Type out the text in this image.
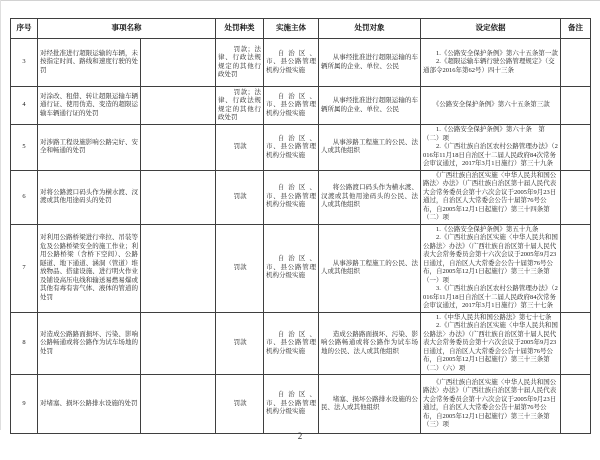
序号	事项名称		处罚种类	实施主体	处罚对象	设定依据	备注
3	对经批准进行超限运输的车辆，未按指定时间、路线和速度行驶的处罚		罚款；法律、行政法规规定的其他行政处罚	自治区、市、县公路管理机构分级实施	从事经批准进行超限运输的车辆所属的企业、单位、公民	　　1.《公路安全保护条例》第六十五条第一款
　　2.《超限运输车辆行驶公路管理规定》（交通部令2016年第62号）四十三条	
4	对涂改、租借、转让超限运输车辆通行证、使用伪造、变造的超限运输车辆通行证的处罚		罚款；法律、行政法规规定的其他行政处罚	自治区、市、县公路管理机构分级实施	从事经批准进行超限运输的车辆所属的企业、单位、公民	　　《公路安全保护条例》第六十五条第三款	
5	对涉路工程设施影响公路完好、安全和畅通的处罚		罚款	自治区、市、县公路管理机构分级实施	从事涉路工程施工的公民、法人或其他组织	　　1.《公路安全保护条例》第六十条　第（二）项
　　2.《广西壮族自治区农村公路管理办法》（2016年11月18日自治区十二届人民政府84次常务会审议通过，2017年3月1日施行）第三十九条	
6	对将公路渡口码头作为横水渡、汊渡或其他用途码头的处罚		罚款	自治区、市、县公路管理机构分级实施	将公路渡口码头作为横水渡、汊渡或其他用途码头的公民、法人或其他组织	　　《广西壮族自治区实施〈中华人民共和国公路法〉办法》（广西壮族自治区第十届人民代表大会常务委员会第十六次会议于2005年9月23日通过，自治区人大常委会公告十届第76号公布，自2005年12月1日起施行）第三十四条第（二）项	
7	对利用公路桥梁进行牵拉、吊装等危及公路桥梁安全的施工作业；利用公路桥梁（含桥下空间）、公路隧道、地下通道、涵洞（管道）堆放物品、搭建设施、进行明火作业及铺设高压电线和输送易燃易爆或其他有毒有害气体、液体的管道的处罚		罚款	自治区、市、县公路管理机构分级实施	从事涉路工程施工的公民、法人或其他组织	　　1.《公路安全保护条例》第五十九条
　　2.《广西壮族自治区实施〈中华人民共和国公路法〉办法》（广西壮族自治区第十届人民代表大会常务委员会第十六次会议于2005年9月23日通过，自治区人大常委会公告十届第76号公布，自2005年12月1日起施行）第三十三条第（一）项
　　3.《广西壮族自治区农村公路管理办法》（2016年11月18日自治区十二届人民政府84次常务会审议通过，2017年3月1日施行）第三十七条	
8	对造成公路路面损坏、污染、影响公路畅通或将公路作为试车场地的处罚		罚款	自治区、市、县公路管理机构分级实施	造成公路路面损坏、污染、影响公路畅通或将公路作为试车场地的公民、法人或其他组织	　　1.《中华人民共和国公路法》第七十七条
　　2.《广西壮族自治区实施〈中华人民共和国公路法〉办法》（广西壮族自治区第十届人民代表大会常务委员会第十六次会议于2005年9月23日通过，自治区人大常委会公告十届第76号公布，自2005年12月1日起施行）第三十三条第（二）（六）项	
9	对堵塞、损坏公路排水设施的处罚		罚款	自治区、市、县公路管理机构分级实施	堵塞、损坏公路排水设施的公民、法人或其他组织	　　《广西壮族自治区实施〈中华人民共和国公路法〉办法》（广西壮族自治区第十届人民代表大会常务委员会第十六次会议于2005年9月23日通过，自治区人大常委会公告十届第76号公布，自2005年12月1日起施行）第三十三条第（三）项	
2
